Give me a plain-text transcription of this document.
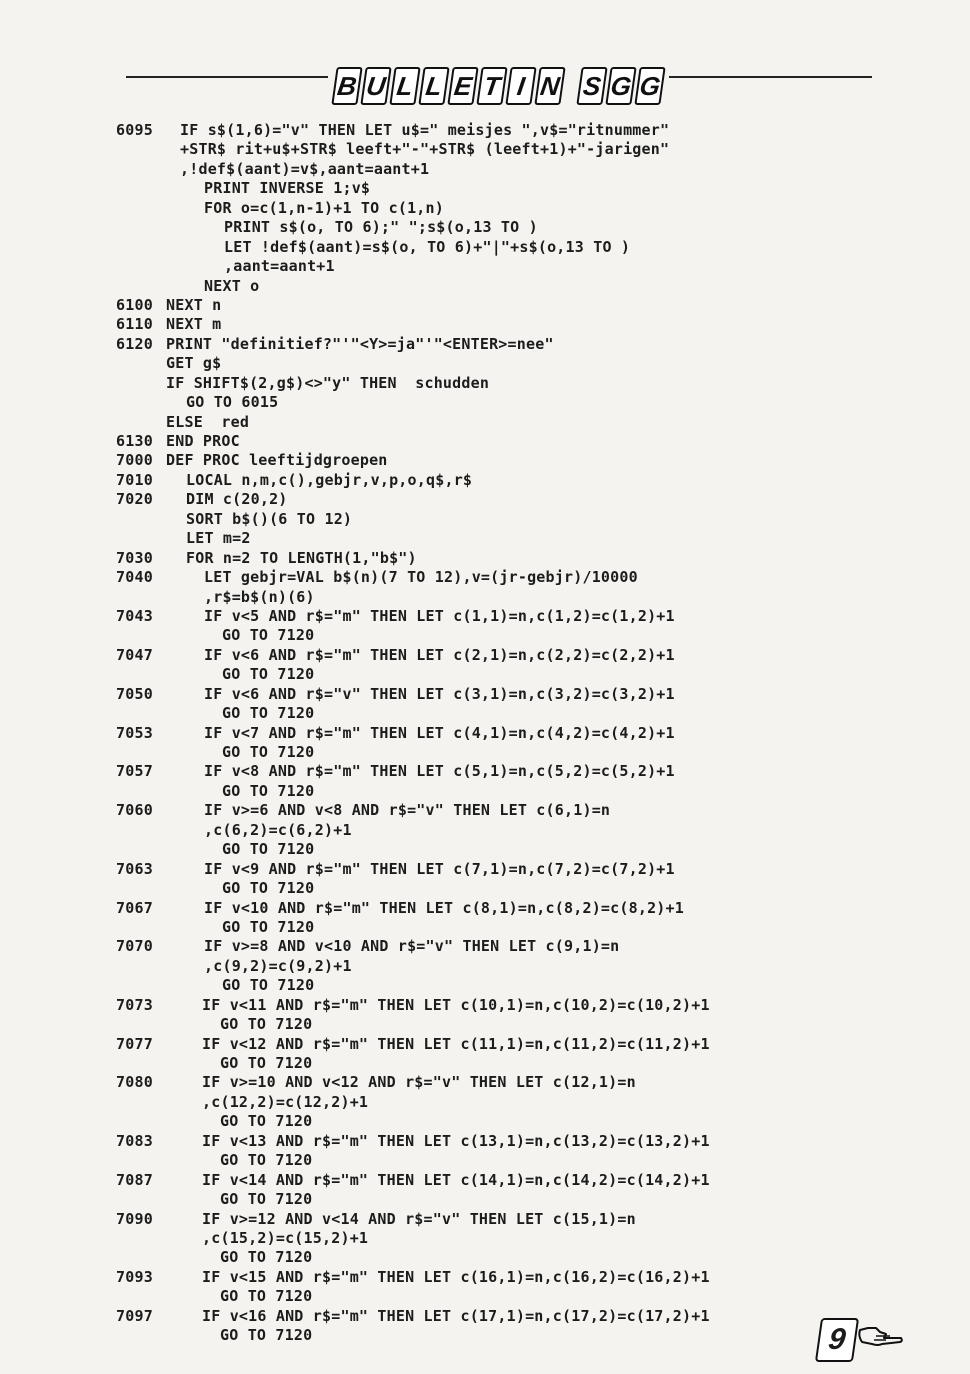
B U L L E T I N S G G
6095 IF s$(1,6)="v" THEN LET u$=" meisjes ",v$="ritnummer"
+STR$ rit+u$+STR$ leeft+"-"+STR$ (leeft+1)+"-jarigen"
,!def$(aant)=v$,aant=aant+1
PRINT INVERSE 1;v$
FOR o=c(1,n-1)+1 TO c(1,n)
PRINT s$(o, TO 6);" ";s$(o,13 TO )
LET !def$(aant)=s$(o, TO 6)+"|"+s$(o,13 TO )
,aant=aant+1
NEXT o
6100 NEXT n
6110 NEXT m
6120 PRINT "definitief?"'"<Y>=ja"'"<ENTER>=nee"
GET g$
IF SHIFT$(2,g$)<>"y" THEN  schudden
GO TO 6015
ELSE  red
6130 END PROC
7000 DEF PROC leeftijdgroepen
7010 LOCAL n,m,c(),gebjr,v,p,o,q$,r$
7020 DIM c(20,2)
SORT b$()(6 TO 12)
LET m=2
7030 FOR n=2 TO LENGTH(1,"b$")
7040	LET gebjr=VAL b$(n)(7 TO 12),v=(jr-gebjr)/10000
,r$=b$(n)(6)
7043	IF v<5 AND r$="m" THEN LET c(1,1)=n,c(1,2)=c(1,2)+1
GO TO 7120
7047	IF v<6 AND r$="m" THEN LET c(2,1)=n,c(2,2)=c(2,2)+1
GO TO 7120
7050	IF v<6 AND r$="v" THEN LET c(3,1)=n,c(3,2)=c(3,2)+1
GO TO 7120
7053	IF v<7 AND r$="m" THEN LET c(4,1)=n,c(4,2)=c(4,2)+1
GO TO 7120
7057	IF v<8 AND r$="m" THEN LET c(5,1)=n,c(5,2)=c(5,2)+1
GO TO 7120
7060	IF v>=6 AND v<8 AND r$="v" THEN LET c(6,1)=n
,c(6,2)=c(6,2)+1
GO TO 7120
7063	IF v<9 AND r$="m" THEN LET c(7,1)=n,c(7,2)=c(7,2)+1
GO TO 7120
7067	IF v<10 AND r$="m" THEN LET c(8,1)=n,c(8,2)=c(8,2)+1
GO TO 7120
7070	IF v>=8 AND v<10 AND r$="v" THEN LET c(9,1)=n
,c(9,2)=c(9,2)+1
GO TO 7120
7073	IF v<11 AND r$="m" THEN LET c(10,1)=n,c(10,2)=c(10,2)+1
GO TO 7120
7077	IF v<12 AND r$="m" THEN LET c(11,1)=n,c(11,2)=c(11,2)+1
GO TO 7120
7080	IF v>=10 AND v<12 AND r$="v" THEN LET c(12,1)=n
,c(12,2)=c(12,2)+1
GO TO 7120
7083	IF v<13 AND r$="m" THEN LET c(13,1)=n,c(13,2)=c(13,2)+1
GO TO 7120
7087	IF v<14 AND r$="m" THEN LET c(14,1)=n,c(14,2)=c(14,2)+1
GO TO 7120
7090	IF v>=12 AND v<14 AND r$="v" THEN LET c(15,1)=n
,c(15,2)=c(15,2)+1
GO TO 7120
7093	IF v<15 AND r$="m" THEN LET c(16,1)=n,c(16,2)=c(16,2)+1
GO TO 7120
7097	IF v<16 AND r$="m" THEN LET c(17,1)=n,c(17,2)=c(17,2)+1
GO TO 7120	9
